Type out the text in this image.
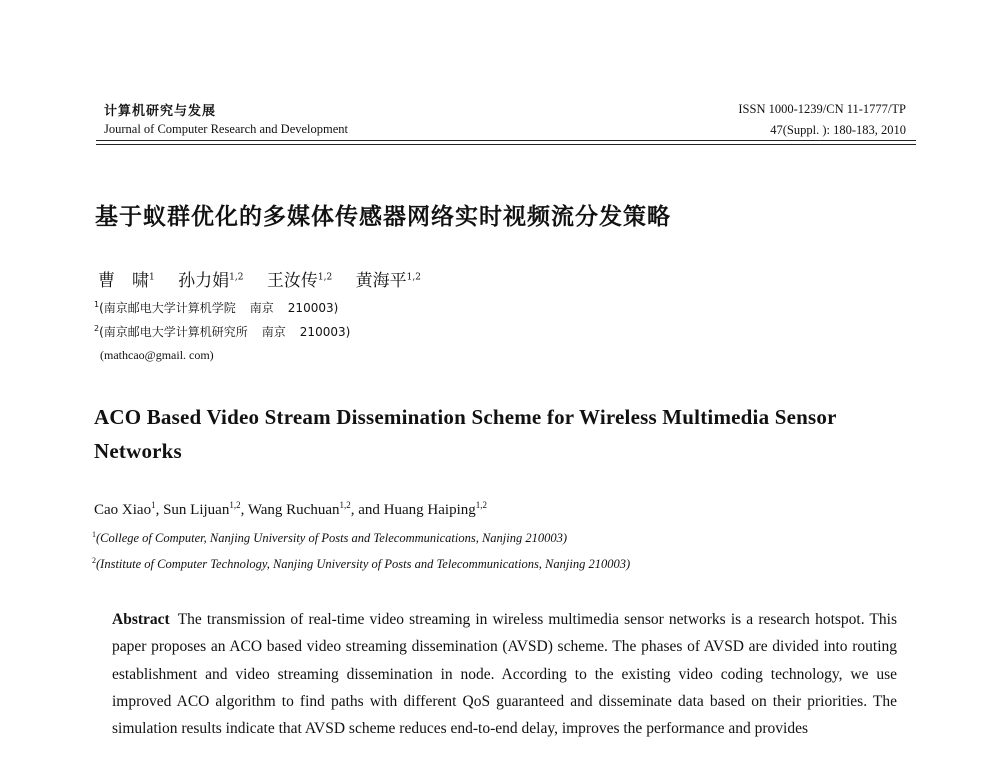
计算机研究与发展
Journal of Computer Research and Development
ISSN 1000-1239/CN 11-1777/TP
47(Suppl. ): 180-183, 2010
基于蚁群优化的多媒体传感器网络实时视频流分发策略
曹　啸$^1$ 孙力娟$^{1,2}$ 王汝传$^{1,2}$ 黄海平$^{1,2}$
$^1$(南京邮电大学计算机学院 南京 210003)
$^2$(南京邮电大学计算机研究所 南京 210003)
(mathcao@gmail. com)
ACO Based Video Stream Dissemination Scheme for Wireless Multimedia Sensor Networks
Cao Xiao$^1$, Sun Lijuan$^{1,2}$, Wang Ruchuan$^{1,2}$, and Huang Haiping$^{1,2}$
$^1$(College of Computer, Nanjing University of Posts and Telecommunications, Nanjing 210003)
$^2$(Institute of Computer Technology, Nanjing University of Posts and Telecommunications, Nanjing 210003)
Abstract The transmission of real-time video streaming in wireless multimedia sensor networks is a research hotspot. This paper proposes an ACO based video streaming dissemination (AVSD) scheme. The phases of AVSD are divided into routing establishment and video streaming dissemination in node. According to the existing video coding technology, we use improved ACO algorithm to find paths with different QoS guaranteed and disseminate data based on their priorities. The simulation results indicate that AVSD scheme reduces end-to-end delay, improves the performance and provides
